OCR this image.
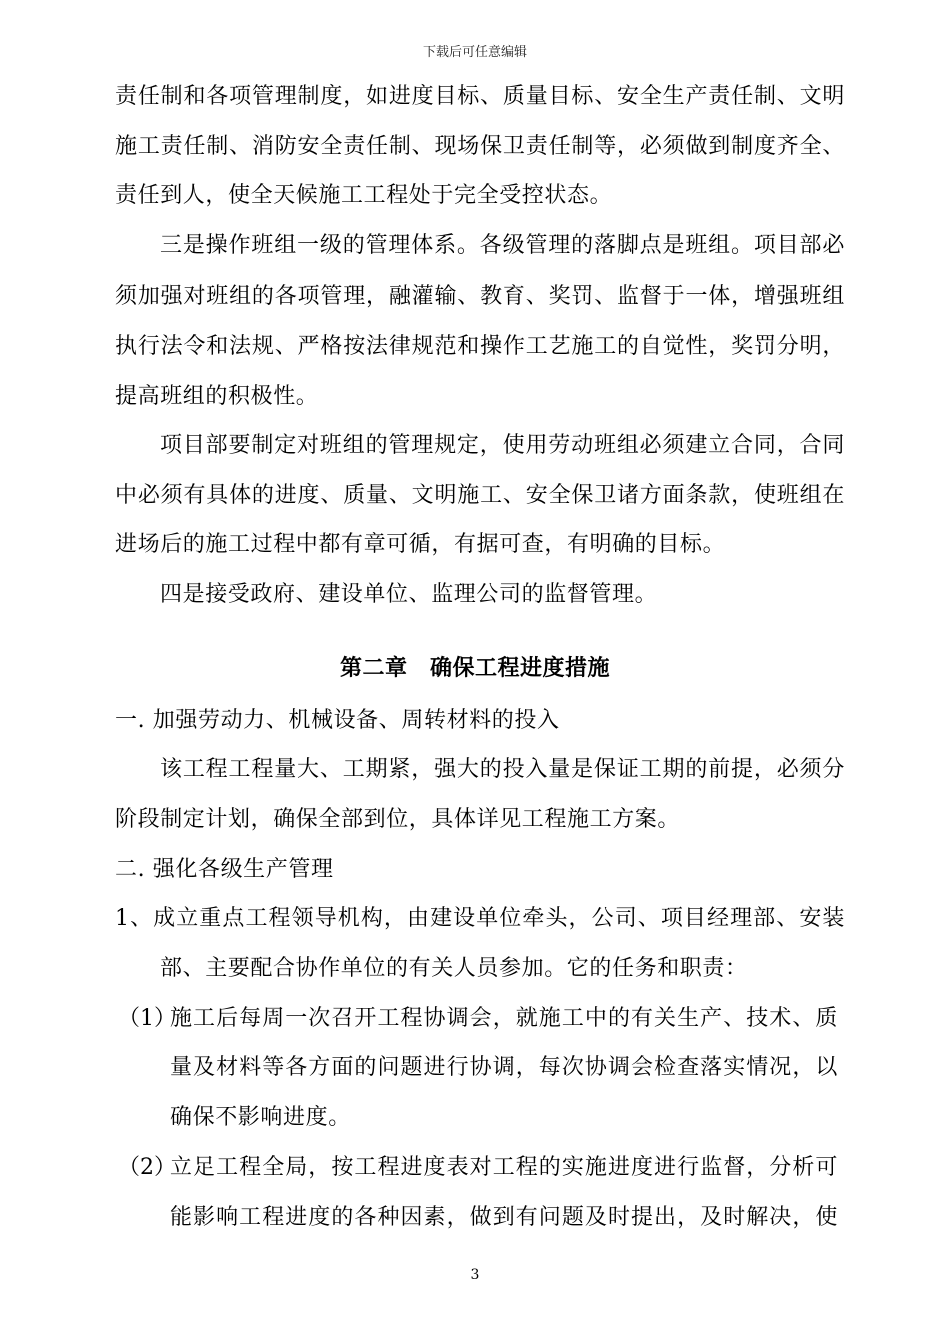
下载后可任意编辑
责任制和各项管理制度，如进度目标、质量目标、安全生产责任制、文明
施工责任制、消防安全责任制、现场保卫责任制等，必须做到制度齐全、
责任到人，使全天候施工工程处于完全受控状态。
三是操作班组一级的管理体系。各级管理的落脚点是班组。项目部必
须加强对班组的各项管理，融灌输、教育、奖罚、监督于一体，增强班组
执行法令和法规、严格按法律规范和操作工艺施工的自觉性，奖罚分明，
提高班组的积极性。
项目部要制定对班组的管理规定，使用劳动班组必须建立合同，合同
中必须有具体的进度、质量、文明施工、安全保卫诸方面条款，使班组在
进场后的施工过程中都有章可循，有据可查，有明确的目标。
四是接受政府、建设单位、监理公司的监督管理。
第二章　确保工程进度措施
一. 加强劳动力、机械设备、周转材料的投入
该工程工程量大、工期紧，强大的投入量是保证工期的前提，必须分
阶段制定计划，确保全部到位，具体详见工程施工方案。
二. 强化各级生产管理
1、成立重点工程领导机构，由建设单位牵头，公司、项目经理部、安装
部、主要配合协作单位的有关人员参加。它的任务和职责：
（1）
施工后每周一次召开工程协调会，就施工中的有关生产、技术、质
量及材料等各方面的问题进行协调，每次协调会检查落实情况，以
确保不影响进度。
（2）
立足工程全局，按工程进度表对工程的实施进度进行监督，分析可
能影响工程进度的各种因素，做到有问题及时提出，及时解决，使
3
